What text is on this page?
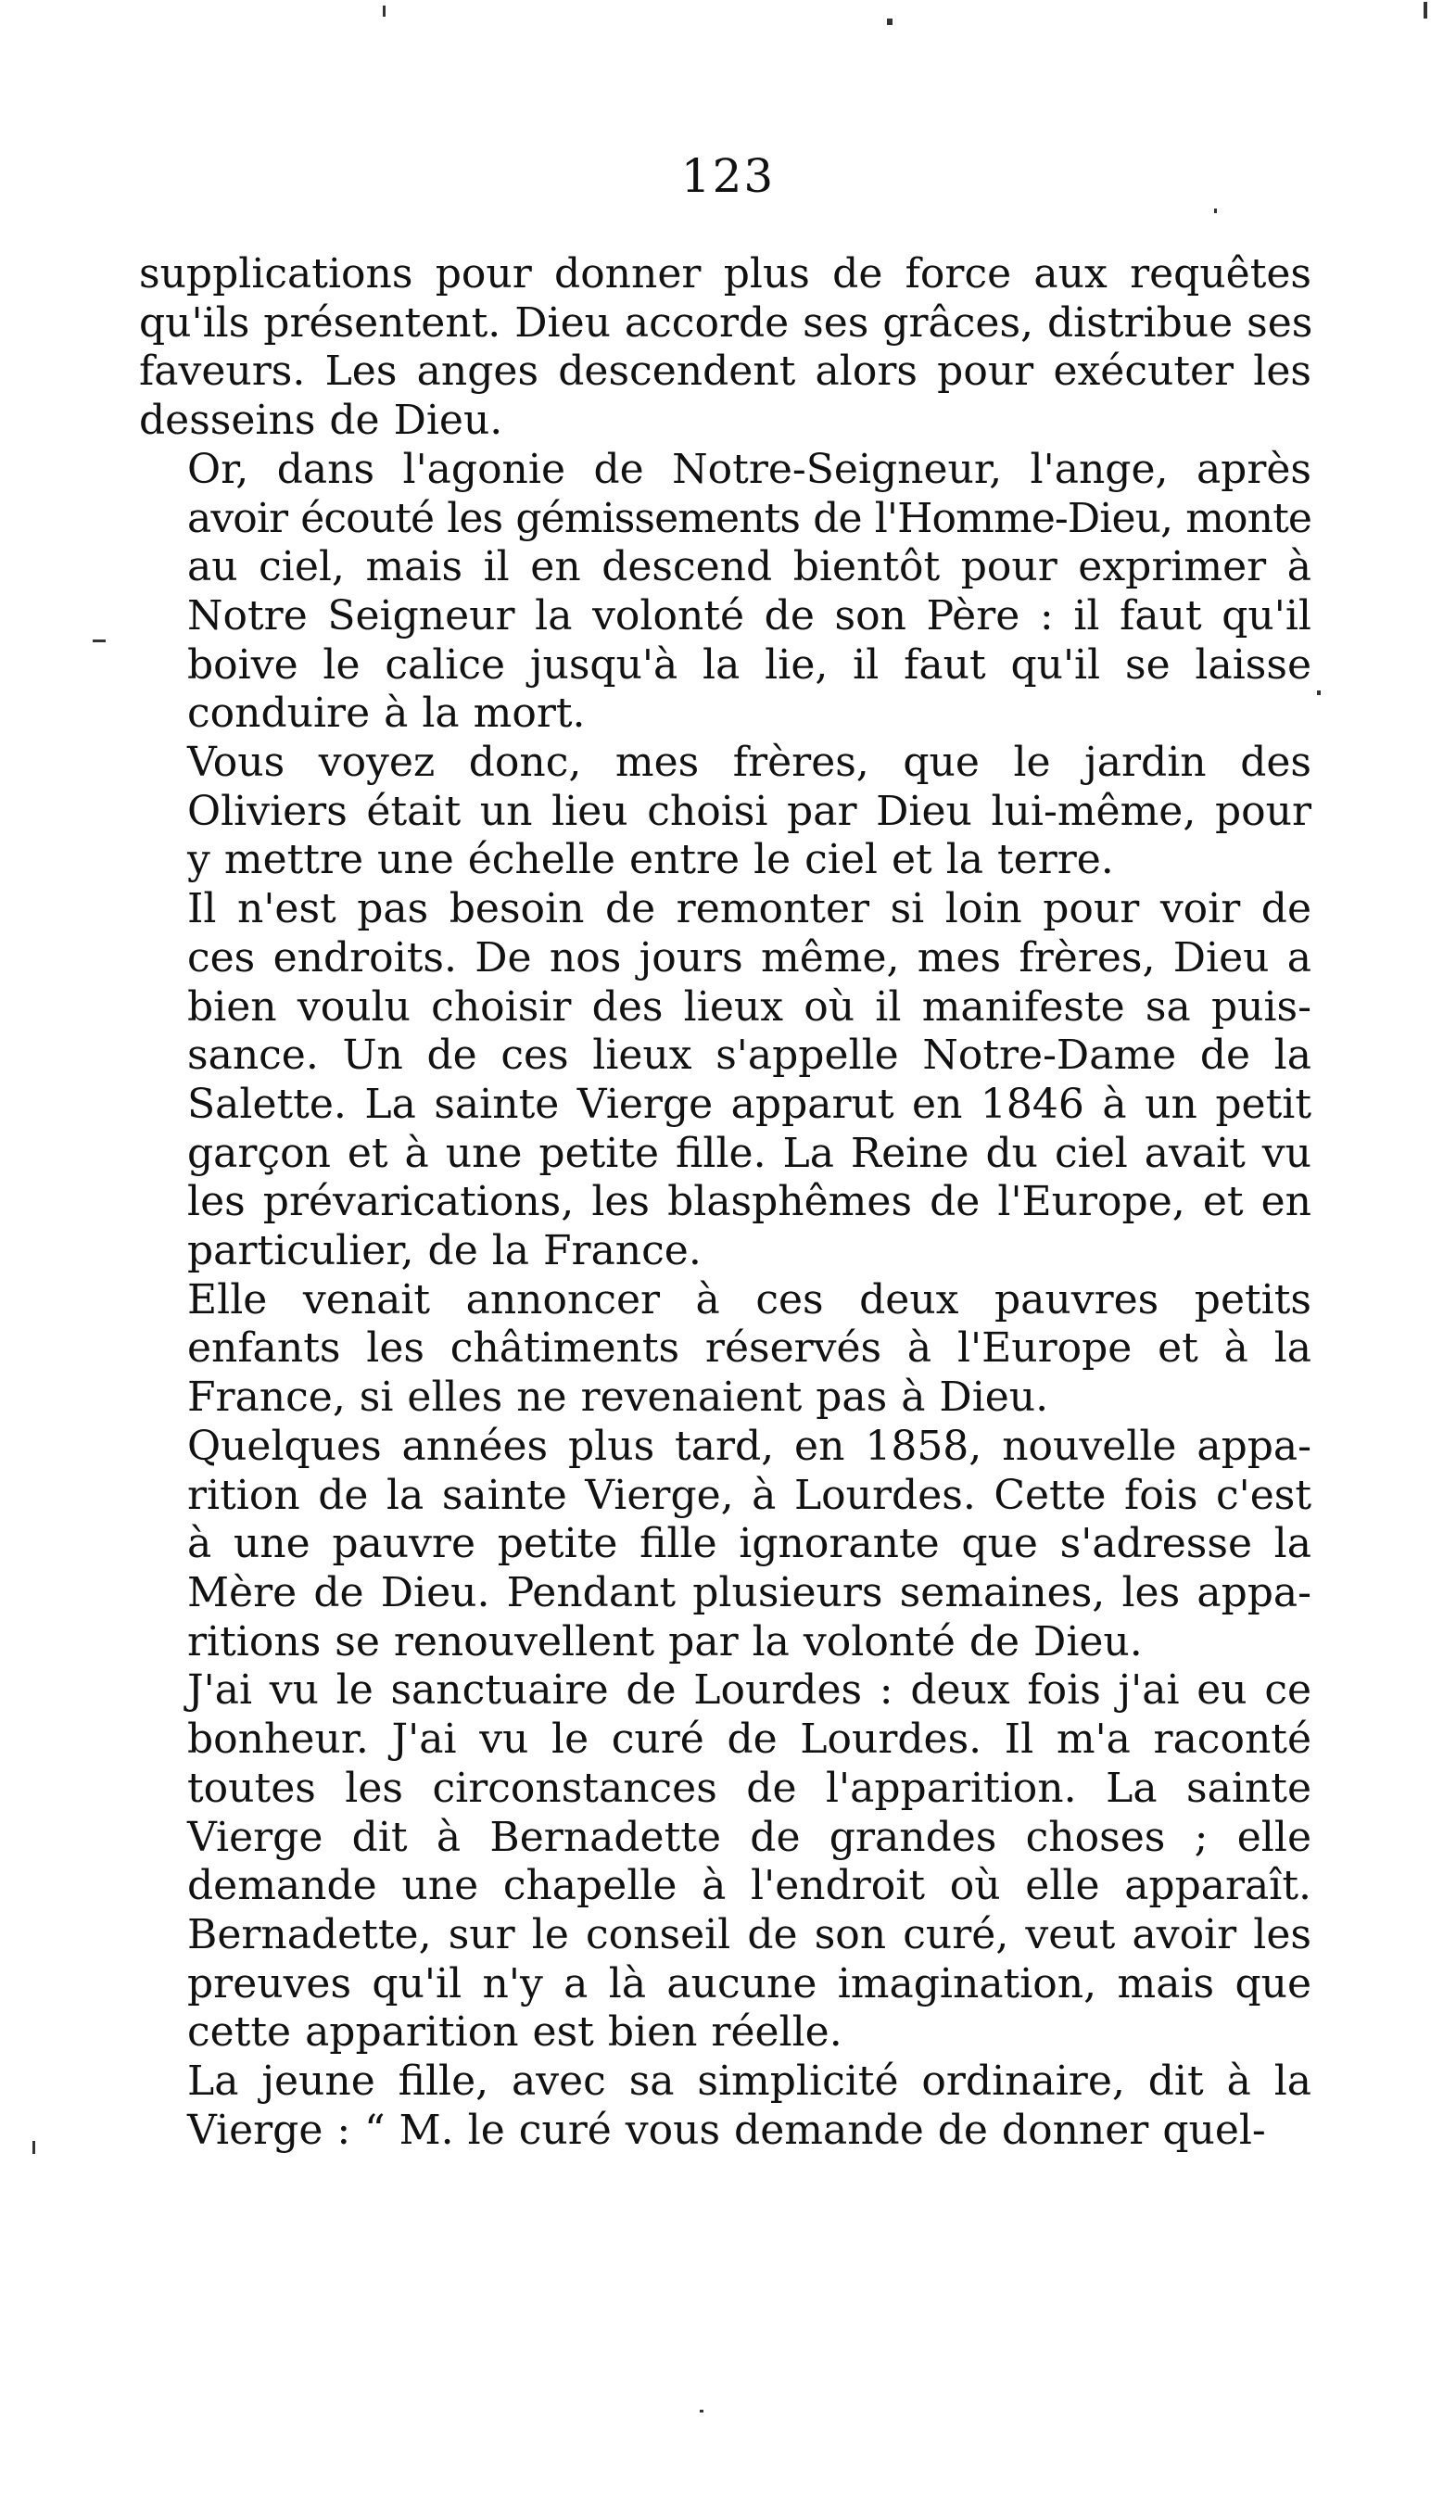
123

supplications pour donner plus de force aux requêtes
qu'ils présentent. Dieu accorde ses grâces, distribue ses
faveurs. Les anges descendent alors pour exécuter les
desseins de Dieu.

Or, dans l'agonie de Notre-Seigneur, l'ange, après
avoir écouté les gémissements de l'Homme-Dieu, monte
au ciel, mais il en descend bientôt pour exprimer à
Notre Seigneur la volonté de son Père : il faut qu'il
boive le calice jusqu'à la lie, il faut qu'il se laisse
conduire à la mort.

Vous voyez donc, mes frères, que le jardin des
Oliviers était un lieu choisi par Dieu lui-même, pour
y mettre une échelle entre le ciel et la terre.

Il n'est pas besoin de remonter si loin pour voir de
ces endroits. De nos jours même, mes frères, Dieu a
bien voulu choisir des lieux où il manifeste sa puis-
sance. Un de ces lieux s'appelle Notre-Dame de la
Salette. La sainte Vierge apparut en 1846 à un petit
garçon et à une petite fille. La Reine du ciel avait vu
les prévarications, les blasphêmes de l'Europe, et en
particulier, de la France.

Elle venait annoncer à ces deux pauvres petits
enfants les châtiments réservés à l'Europe et à la
France, si elles ne revenaient pas à Dieu.

Quelques années plus tard, en 1858, nouvelle appa-
rition de la sainte Vierge, à Lourdes. Cette fois c'est
à une pauvre petite fille ignorante que s'adresse la
Mère de Dieu. Pendant plusieurs semaines, les appa-
ritions se renouvellent par la volonté de Dieu.

J'ai vu le sanctuaire de Lourdes : deux fois j'ai eu ce
bonheur. J'ai vu le curé de Lourdes. Il m'a raconté
toutes les circonstances de l'apparition. La sainte
Vierge dit à Bernadette de grandes choses ; elle
demande une chapelle à l'endroit où elle apparaît.
Bernadette, sur le conseil de son curé, veut avoir les
preuves qu'il n'y a là aucune imagination, mais que
cette apparition est bien réelle.

La jeune fille, avec sa simplicité ordinaire, dit à la
Vierge : “ M. le curé vous demande de donner quel-
